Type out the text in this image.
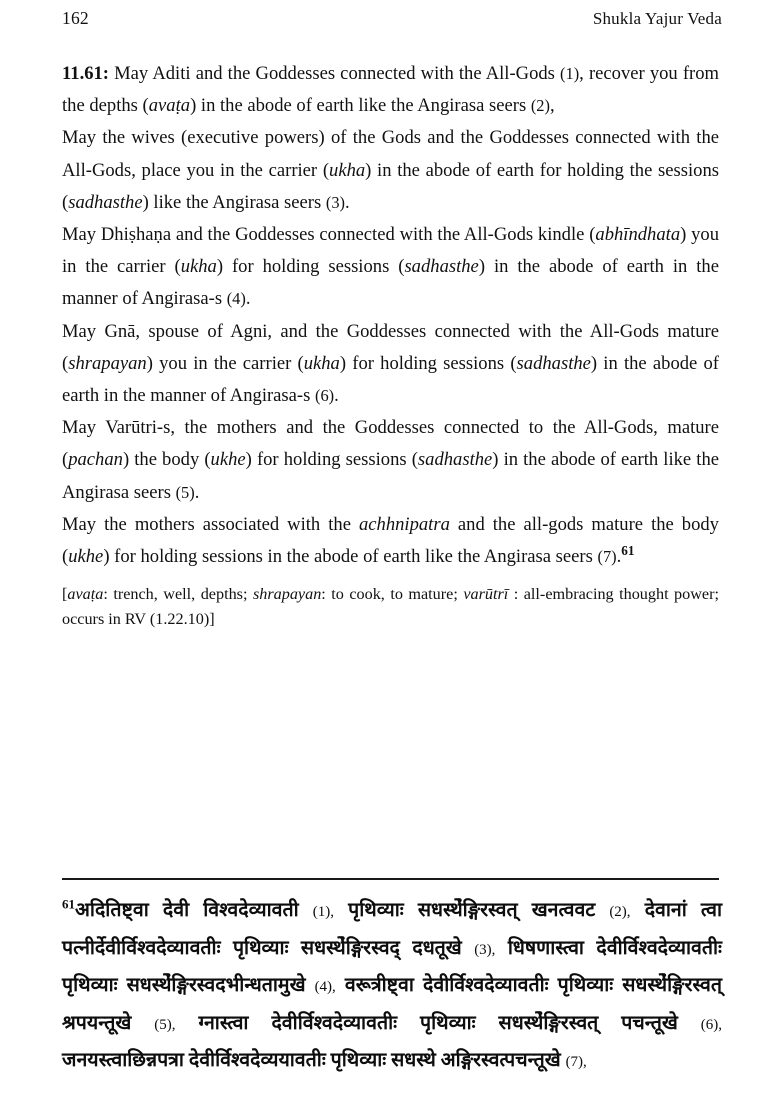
162	Shukla Yajur Veda

11.61: May Aditi and the Goddesses connected with the All-Gods (1), recover you from the depths (avaṭa) in the abode of earth like the Angirasa seers (2),

May the wives (executive powers) of the Gods and the Goddesses connected with the All-Gods, place you in the carrier (ukha) in the abode of earth for holding the sessions (sadhasthe) like the Angirasa seers (3).

May Dhiṣhaṇa and the Goddesses connected with the All-Gods kindle (abhīndhata) you in the carrier (ukha) for holding sessions (sadhasthe) in the abode of earth in the manner of Angirasa-s (4).

May Gnā, spouse of Agni, and the Goddesses connected with the All-Gods mature (shrapayan) you in the carrier (ukha) for holding sessions (sadhasthe) in the abode of earth in the manner of Angirasa-s (6).

May Varūtri-s, the mothers and the Goddesses connected to the All-Gods, mature (pachan) the body (ukhe) for holding sessions (sadhasthe) in the abode of earth like the Angirasa seers (5).

May the mothers associated with the achhnipatra and the all-gods mature the body (ukhe) for holding sessions in the abode of earth like the Angirasa seers (7).$^{61}$

[avaṭa: trench, well, depths; shrapayan: to cook, to mature; varūtrī : all-embracing thought power; occurs in RV (1.22.10)]

$^{61}$अदितिष्ट्वा देवी विश्वदेव्यावती (1), पृथिव्याः सधस्थे̉ङ्गिरस्वत् खनत्ववट (2), देवानां त्वा पत्नीर्देवीर्विश्वदेव्यावतीः पृथिव्याः सधस्थे̉ङ्गिरस्वद् दधतूखे (3), धिषणास्त्वा देवीर्विश्वदेव्यावतीः पृथिव्याः सधस्थे̉ङ्गिरस्वदभीन्धतामुखे (4), वरूत्रीष्ट्वा देवीर्विश्वदेव्यावतीः पृथिव्याः सधस्थे̉ङ्गिरस्वत् श्रपयन्तूखे (5), ग्नास्त्वा देवीर्विश्वदेव्यावतीः पृथिव्याः सधस्थे̉ङ्गिरस्वत् पचन्तूखे (6), जनयस्त्वाछिन्नपत्रा देवीर्विश्वदेव्ययावतीः पृथिव्याः सधस्थे अङ्गिरस्वत्पचन्तूखे (7),
